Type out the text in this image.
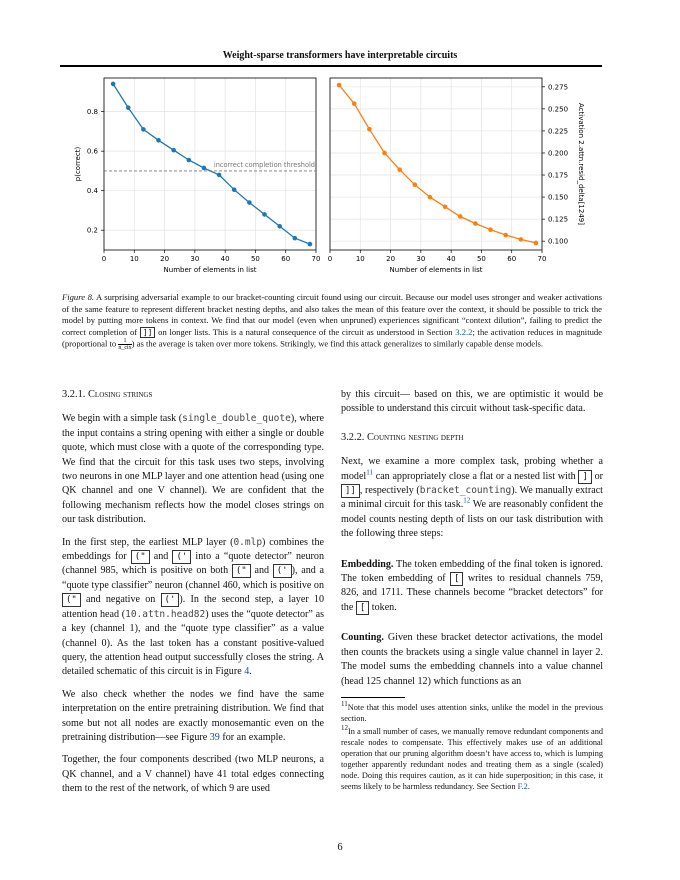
Weight-sparse transformers have interpretable circuits
0	10	20	30	40	50	60	70
0.2
0.4
0.6
0.8
incorrect completion threshold
Number of elements in list
p(correct)
0	10	20	30	40	50	60	70
0.100
0.125
0.150
0.175
0.200
0.225
0.250
0.275
Number of elements in list
Activation 2.attn.resid_delta[1249]
Figure 8. A surprising adversarial example to our bracket-counting circuit found using our circuit. Because our model uses stronger and weaker activations of the same feature to represent different bracket nesting depths, and also takes the mean of this feature over the context, it should be possible to trick the model by putting more tokens in context. We find that our model (even when unpruned) experiences significant “context dilution”, failing to predict the correct completion of ]] on longer lists. This is a natural consequence of the circuit as understood in Section 3.2.2; the activation reduces in magnitude (proportional to $\frac{1}{\text{n\_ctx}}$ ) as the average is taken over more tokens. Strikingly, we find this attack generalizes to similarly capable dense models.
3.2.1. Closing strings

We begin with a simple task (single_double_quote), where the input contains a string opening with either a single or double quote, which must close with a quote of the corresponding type. We find that the circuit for this task uses two steps, involving two neurons in one MLP layer and one attention head (using one QK channel and one V channel). We are confident that the following mechanism reflects how the model closes strings on our task distribution.

In the first step, the earliest MLP layer (0.mlp) combines the embeddings for (" and (' into a “quote detector” neuron (channel 985, which is positive on both (" and (' ), and a “quote type classifier” neuron (channel 460, which is positive on (" and negative on (' ). In the second step, a layer 10 attention head (10.attn.head82) uses the “quote detector” as a key (channel 1), and the “quote type classifier” as a value (channel 0). As the last token has a constant positive-valued query, the attention head output successfully closes the string. A detailed schematic of this circuit is in Figure 4.

We also check whether the nodes we find have the same interpretation on the entire pretraining distribution. We find that some but not all nodes are exactly monosemantic even on the pretraining distribution—see Figure 39 for an example.

Together, the four components described (two MLP neurons, a QK channel, and a V channel) have 41 total edges connecting them to the rest of the network, of which 9 are used

by this circuit— based on this, we are optimistic it would be possible to understand this circuit without task-specific data.

3.2.2. Counting nesting depth

Next, we examine a more complex task, probing whether a model$^{11}$ can appropriately close a flat or a nested list with ] or ]] , respectively (bracket_counting). We manually extract a minimal circuit for this task.$^{12}$ We are reasonably confident the model counts nesting depth of lists on our task distribution with the following three steps:

Embedding. The token embedding of the final token is ignored. The token embedding of [ writes to residual channels 759, 826, and 1711. These channels become “bracket detectors” for the [ token.

Counting. Given these bracket detector activations, the model then counts the brackets using a single value channel in layer 2. The model sums the embedding channels into a value channel (head 125 channel 12) which functions as an

$^{11}$Note that this model uses attention sinks, unlike the model in the previous section.
$^{12}$In a small number of cases, we manually remove redundant components and rescale nodes to compensate. This effectively makes use of an additional operation that our pruning algorithm doesn’t have access to, which is lumping together apparently redundant nodes and treating them as a single (scaled) node. Doing this requires caution, as it can hide superposition; in this case, it seems likely to be harmless redundancy. See Section F.2.
6
